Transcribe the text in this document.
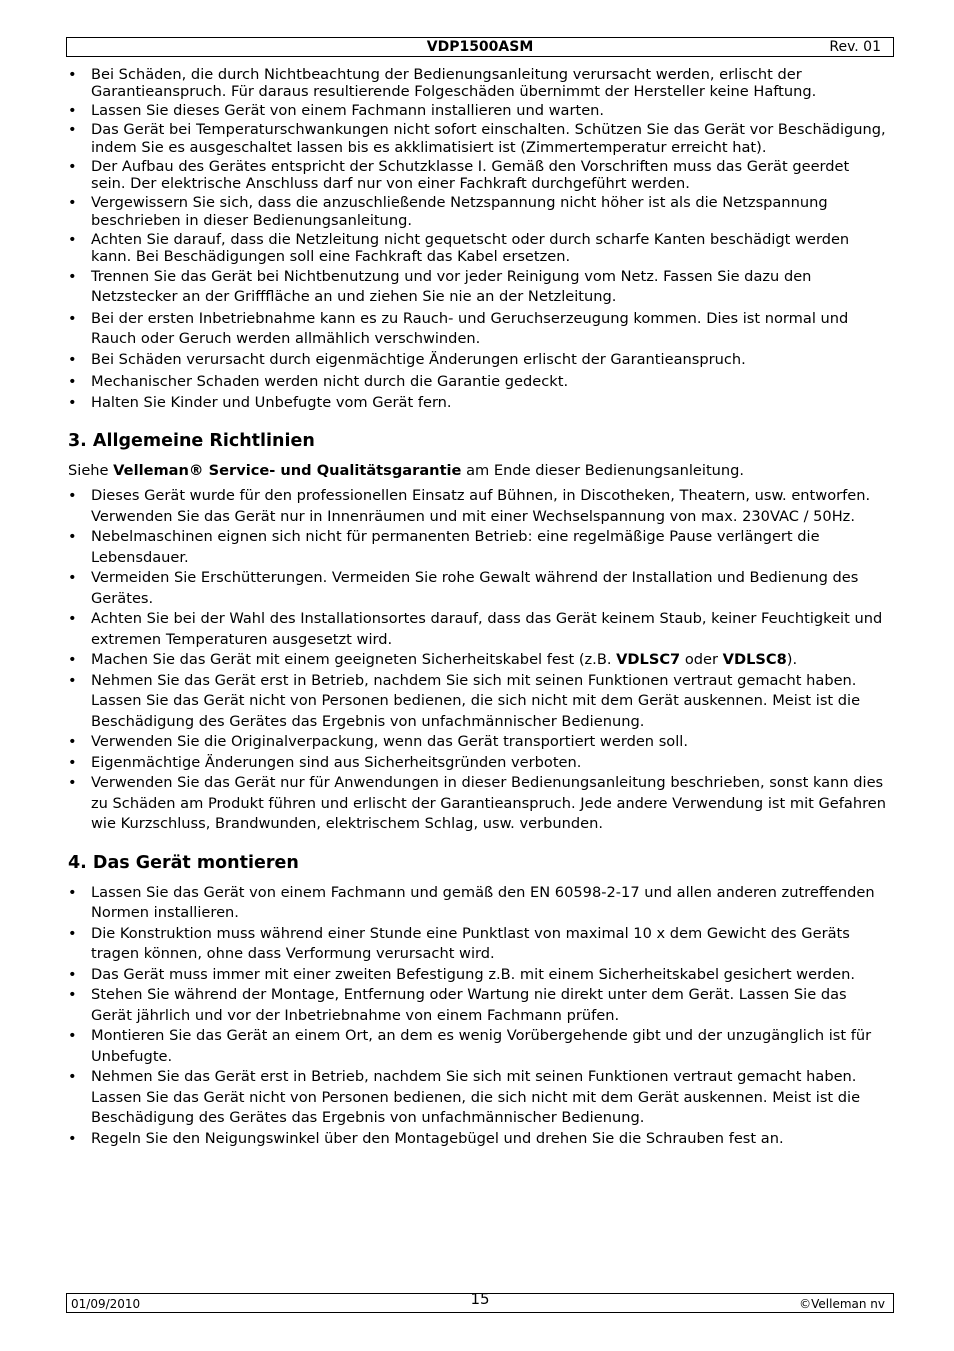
VDP1500ASM	Rev. 01
• Bei Schäden, die durch Nichtbeachtung der Bedienungsanleitung verursacht werden, erlischt der Garantieanspruch. Für daraus resultierende Folgeschäden übernimmt der Hersteller keine Haftung.
• Lassen Sie dieses Gerät von einem Fachmann installieren und warten.
• Das Gerät bei Temperaturschwankungen nicht sofort einschalten. Schützen Sie das Gerät vor Beschädigung, indem Sie es ausgeschaltet lassen bis es akklimatisiert ist (Zimmertemperatur erreicht hat).
• Der Aufbau des Gerätes entspricht der Schutzklasse I. Gemäß den Vorschriften muss das Gerät geerdet sein. Der elektrische Anschluss darf nur von einer Fachkraft durchgeführt werden.
• Vergewissern Sie sich, dass die anzuschließende Netzspannung nicht höher ist als die Netzspannung beschrieben in dieser Bedienungsanleitung.
• Achten Sie darauf, dass die Netzleitung nicht gequetscht oder durch scharfe Kanten beschädigt werden kann. Bei Beschädigungen soll eine Fachkraft das Kabel ersetzen.
• Trennen Sie das Gerät bei Nichtbenutzung und vor jeder Reinigung vom Netz. Fassen Sie dazu den Netzstecker an der Grifffläche an und ziehen Sie nie an der Netzleitung.
• Bei der ersten Inbetriebnahme kann es zu Rauch- und Geruchserzeugung kommen. Dies ist normal und Rauch oder Geruch werden allmählich verschwinden.
• Bei Schäden verursacht durch eigenmächtige Änderungen erlischt der Garantieanspruch.
• Mechanischer Schaden werden nicht durch die Garantie gedeckt.
• Halten Sie Kinder und Unbefugte vom Gerät fern.
3. Allgemeine Richtlinien

Siehe Velleman® Service- und Qualitätsgarantie am Ende dieser Bedienungsanleitung.

• Dieses Gerät wurde für den professionellen Einsatz auf Bühnen, in Discotheken, Theatern, usw. entworfen. Verwenden Sie das Gerät nur in Innenräumen und mit einer Wechselspannung von max. 230VAC / 50Hz.
• Nebelmaschinen eignen sich nicht für permanenten Betrieb: eine regelmäßige Pause verlängert die Lebensdauer.
• Vermeiden Sie Erschütterungen. Vermeiden Sie rohe Gewalt während der Installation und Bedienung des Gerätes.
• Achten Sie bei der Wahl des Installationsortes darauf, dass das Gerät keinem Staub, keiner Feuchtigkeit und extremen Temperaturen ausgesetzt wird.
• Machen Sie das Gerät mit einem geeigneten Sicherheitskabel fest (z.B. VDLSC7 oder VDLSC8).
• Nehmen Sie das Gerät erst in Betrieb, nachdem Sie sich mit seinen Funktionen vertraut gemacht haben. Lassen Sie das Gerät nicht von Personen bedienen, die sich nicht mit dem Gerät auskennen. Meist ist die Beschädigung des Gerätes das Ergebnis von unfachmännischer Bedienung.
• Verwenden Sie die Originalverpackung, wenn das Gerät transportiert werden soll.
• Eigenmächtige Änderungen sind aus Sicherheitsgründen verboten.
• Verwenden Sie das Gerät nur für Anwendungen in dieser Bedienungsanleitung beschrieben, sonst kann dies zu Schäden am Produkt führen und erlischt der Garantieanspruch. Jede andere Verwendung ist mit Gefahren wie Kurzschluss, Brandwunden, elektrischem Schlag, usw. verbunden.
4. Das Gerät montieren
• Lassen Sie das Gerät von einem Fachmann und gemäß den EN 60598-2-17 und allen anderen zutreffenden Normen installieren.
• Die Konstruktion muss während einer Stunde eine Punktlast von maximal 10 x dem Gewicht des Geräts tragen können, ohne dass Verformung verursacht wird.
• Das Gerät muss immer mit einer zweiten Befestigung z.B. mit einem Sicherheitskabel gesichert werden.
• Stehen Sie während der Montage, Entfernung oder Wartung nie direkt unter dem Gerät. Lassen Sie das Gerät jährlich und vor der Inbetriebnahme von einem Fachmann prüfen.
• Montieren Sie das Gerät an einem Ort, an dem es wenig Vorübergehende gibt und der unzugänglich ist für Unbefugte.
• Nehmen Sie das Gerät erst in Betrieb, nachdem Sie sich mit seinen Funktionen vertraut gemacht haben. Lassen Sie das Gerät nicht von Personen bedienen, die sich nicht mit dem Gerät auskennen. Meist ist die Beschädigung des Gerätes das Ergebnis von unfachmännischer Bedienung.
• Regeln Sie den Neigungswinkel über den Montagebügel und drehen Sie die Schrauben fest an.
01/09/2010	15	©Velleman nv
